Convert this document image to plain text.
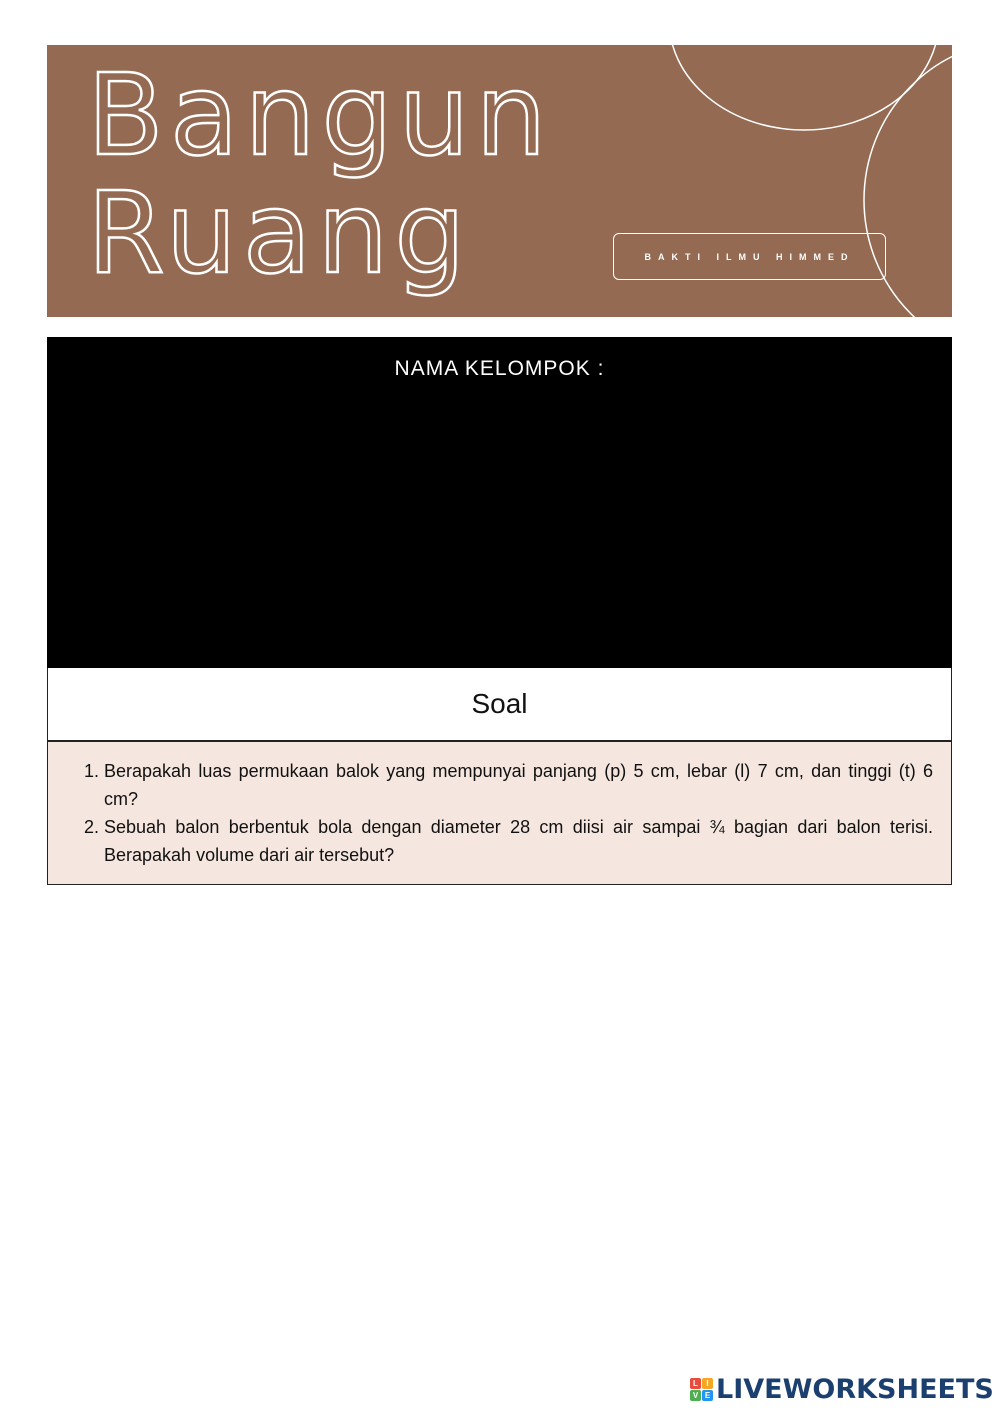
Bangun
Ruang	BAKTI ILMU HIMMED
NAMA KELOMPOK :
Soal
1. Berapakah luas permukaan balok yang mempunyai panjang (p) 5 cm, lebar (l) 7 cm, dan tinggi (t) 6 cm?
2. Sebuah balon berbentuk bola dengan diameter 28 cm diisi air sampai ¾ bagian dari balon terisi. Berapakah volume dari air tersebut?
L	I
V E LIVEWORKSHEETS
